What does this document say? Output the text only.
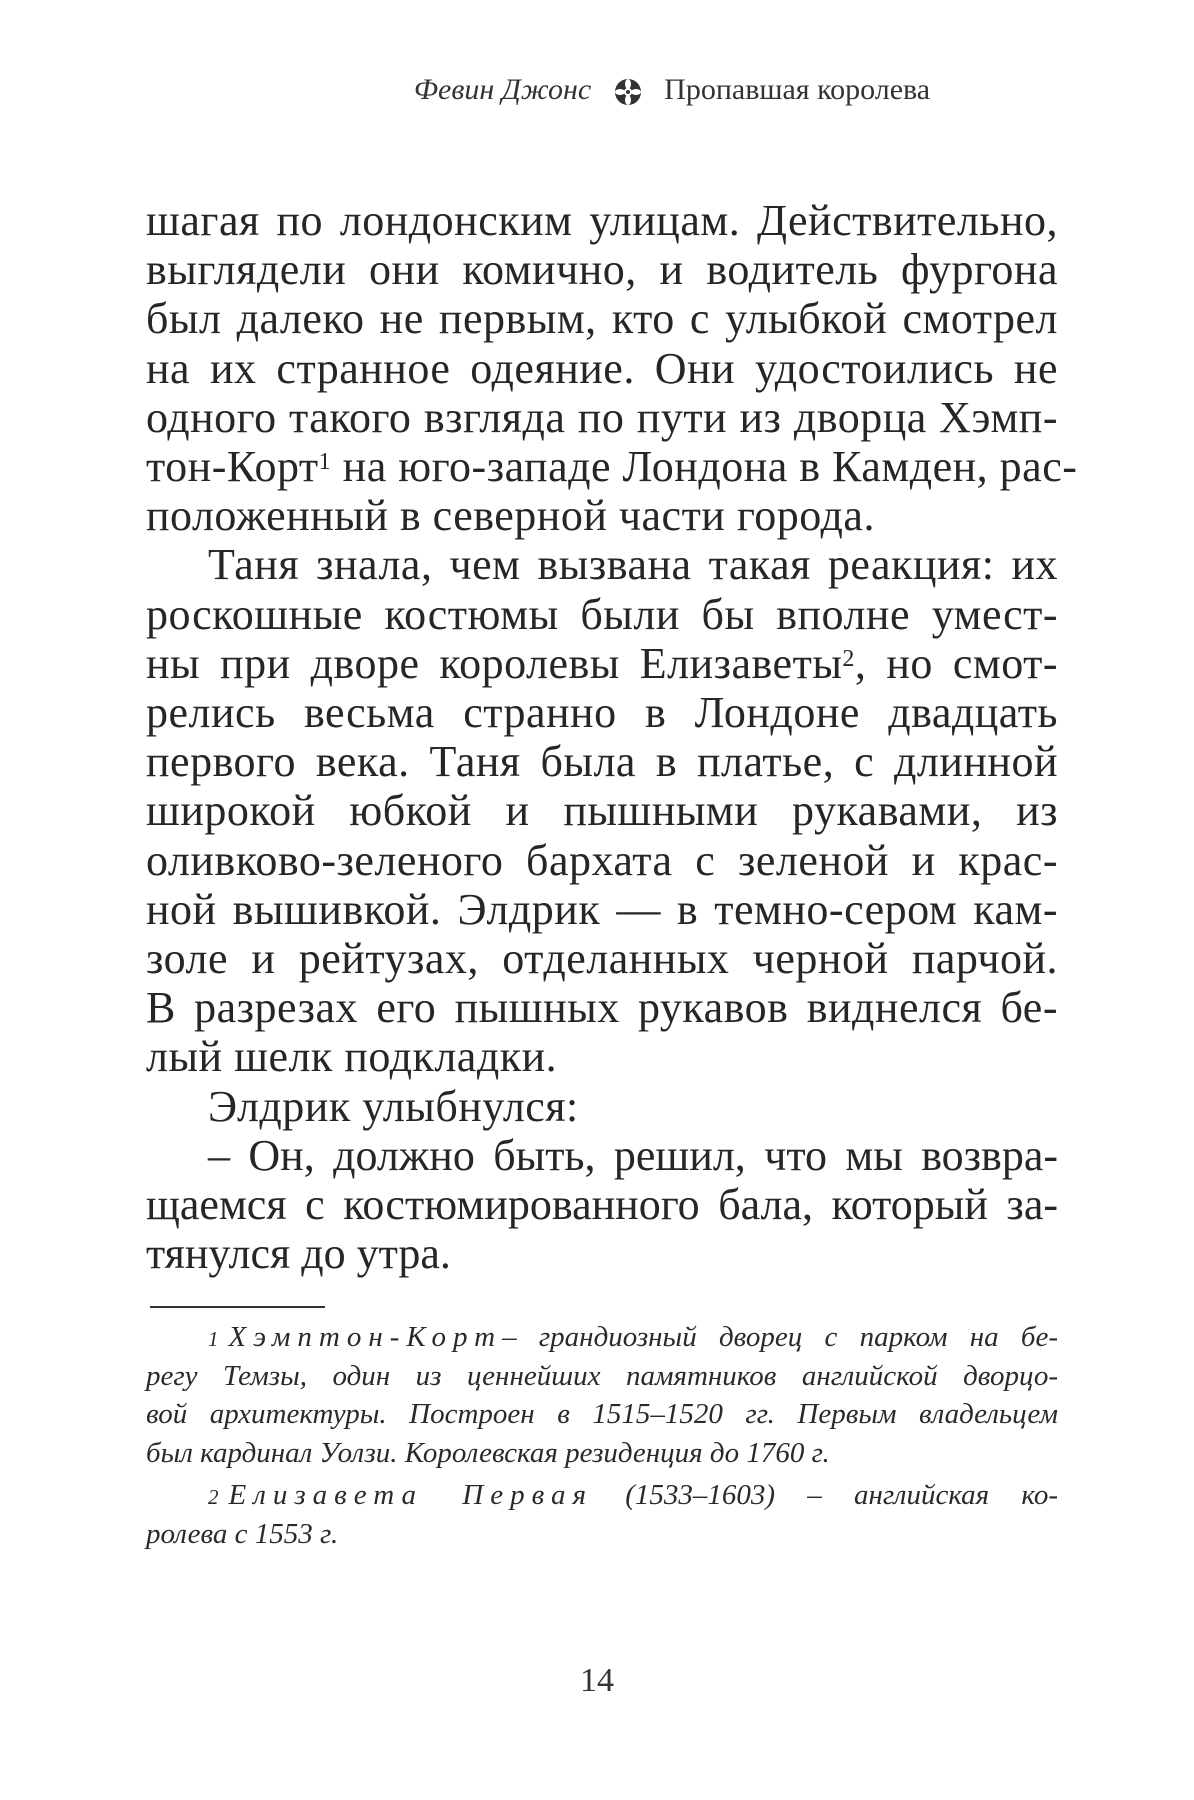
Февин Джонс Пропавшая королева

шагая по лондонским улицам. Действительно,
выглядели они комично, и водитель фургона
был далеко не первым, кто с улыбкой смотрел
на их странное одеяние. Они удостоились не
одного такого взгляда по пути из дворца Хэмп-
тон-Корт$^1$ на юго-западе Лондона в Камден, рас-
положенный в северной части города.

Таня знала, чем вызвана такая реакция: их
роскошные костюмы были бы вполне умест-
ны при дворе королевы Елизаветы$^2$, но смот-
релись весьма странно в Лондоне двадцать
первого века. Таня была в платье, с длинной
широкой юбкой и пышными рукавами, из
оливково-зеленого бархата с зеленой и крас-
ной вышивкой. Элдрик — в темно-сером кам-
золе и рейтузах, отделанных черной парчой.
В разрезах его пышных рукавов виднелся бе-
лый шелк подкладки.

Элдрик улыбнулся:

– Он, должно быть, решил, что мы возвра-
щаемся с костюмированного бала, который за-
тянулся до утра.

$^1$ Хэмптон-Корт– грандиозный дворец с парком на бе-
регу Темзы, один из ценнейших памятников английской дворцо-
вой архитектуры. Построен в 1515–1520 гг. Первым владельцем
был кардинал Уолзи. Королевская резиденция до 1760 г.

$^2$ Елизавета Первая (1533–1603) – английская ко-
ролева с 1553 г.

14
